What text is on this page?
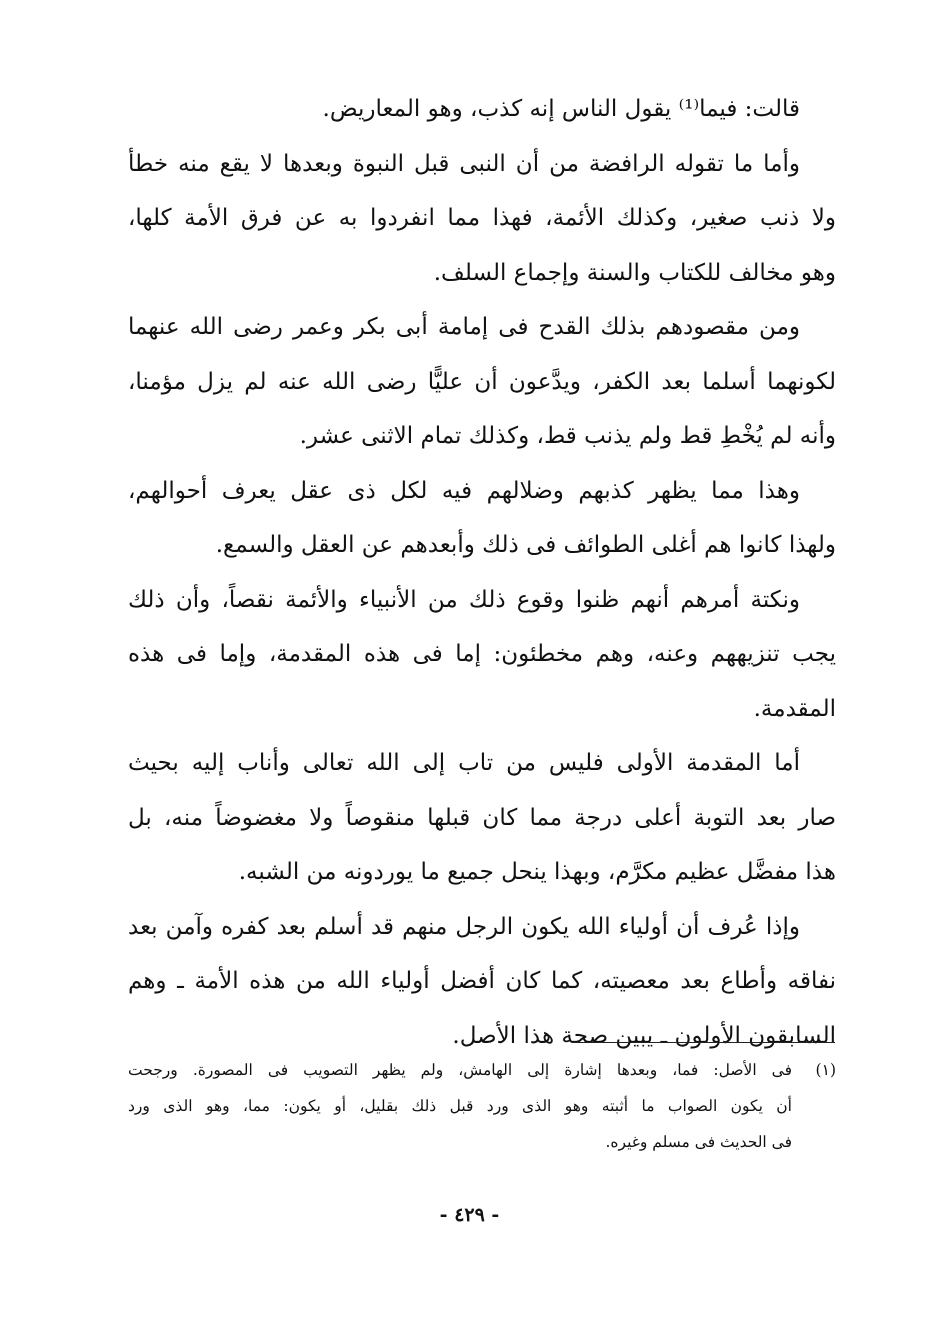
قالت: فيما⁽¹⁾ يقول الناس إنه كذب، وهو المعاريض.
وأما ما تقوله الرافضة من أن النبى قبل النبوة وبعدها لا يقع منه خطأ
ولا ذنب صغير، وكذلك الأئمة، فهذا مما انفردوا به عن فرق الأمة كلها،
وهو مخالف للكتاب والسنة وإجماع السلف.
ومن مقصودهم بذلك القدح فى إمامة أبى بكر وعمر رضى الله عنهما
لكونهما أسلما بعد الكفر، ويدَّعون أن عليًّا رضى الله عنه لم يزل مؤمنا،
وأنه لم يُخْطِ قط ولم يذنب قط، وكذلك تمام الاثنى عشر.
وهذا مما يظهر كذبهم وضلالهم فيه لكل ذى عقل يعرف أحوالهم،
ولهذا كانوا هم أغلى الطوائف فى ذلك وأبعدهم عن العقل والسمع.
ونكتة أمرهم أنهم ظنوا وقوع ذلك من الأنبياء والأئمة نقصاً، وأن ذلك
يجب تنزيههم وعنه، وهم مخطئون: إما فى هذه المقدمة، وإما فى هذه
المقدمة.
أما المقدمة الأولى فليس من تاب إلى الله تعالى وأناب إليه بحيث
صار بعد التوبة أعلى درجة مما كان قبلها منقوصاً ولا مغضوضاً منه، بل
هذا مفضَّل عظيم مكرَّم، وبهذا ينحل جميع ما يوردونه من الشبه.
وإذا عُرف أن أولياء الله يكون الرجل منهم قد أسلم بعد كفره وآمن بعد
نفاقه وأطاع بعد معصيته، كما كان أفضل أولياء الله من هذه الأمة ـ وهم
السابقون الأولون ـ يبين صحة هذا الأصل.
(١)فى الأصل: فما، وبعدها إشارة إلى الهامش، ولم يظهر التصويب فى المصورة. ورجحت
أن يكون الصواب ما أثبته وهو الذى ورد قبل ذلك بقليل، أو يكون: مما، وهو الذى ورد
فى الحديث فى مسلم وغيره.
- ٤٢٩ -
